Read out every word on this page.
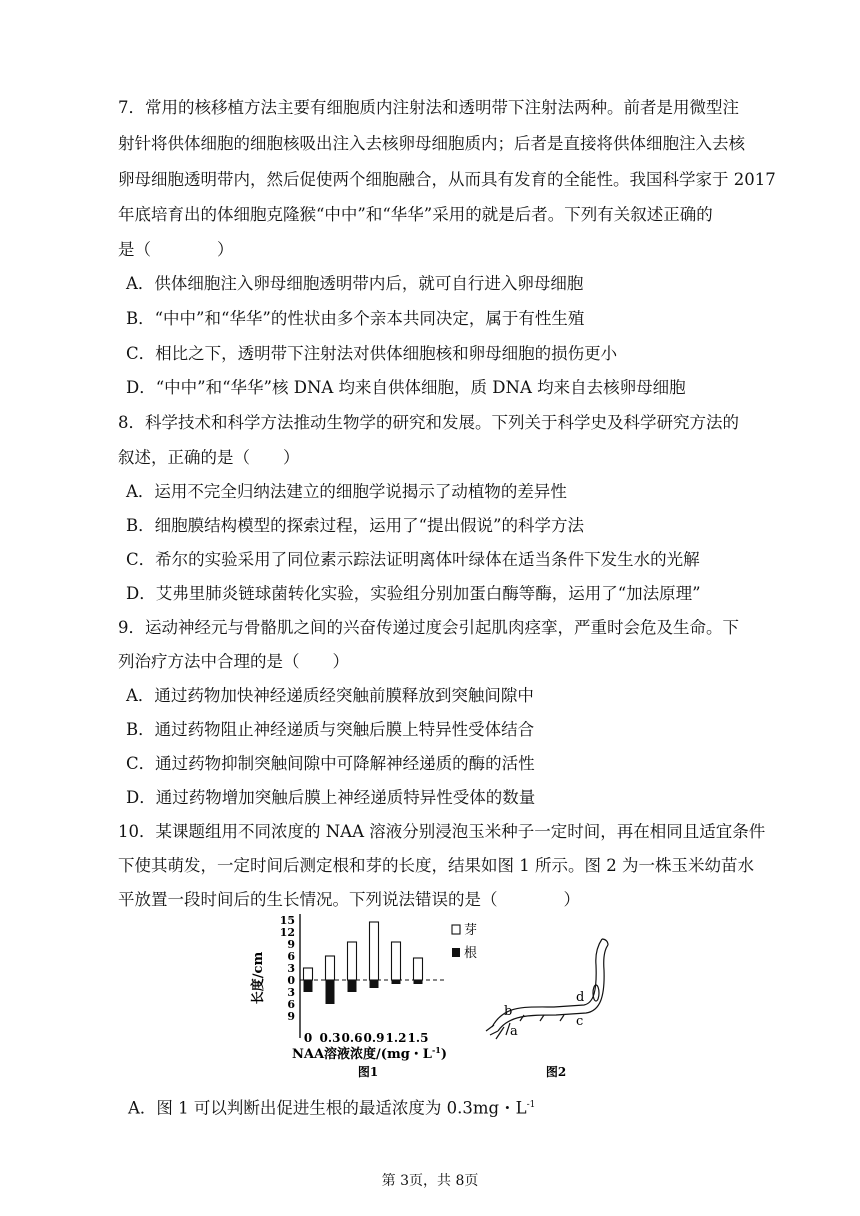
7．常用的核移植方法主要有细胞质内注射法和透明带下注射法两种。前者是用微型注
射针将供体细胞的细胞核吸出注入去核卵母细胞质内；后者是直接将供体细胞注入去核
卵母细胞透明带内，然后促使两个细胞融合，从而具有发育的全能性。我国科学家于 2017
年底培育出的体细胞克隆猴“中中”和“华华”采用的就是后者。下列有关叙述正确的
是（　　　　）
A．供体细胞注入卵母细胞透明带内后，就可自行进入卵母细胞
B．“中中”和“华华”的性状由多个亲本共同决定，属于有性生殖
C．相比之下，透明带下注射法对供体细胞核和卵母细胞的损伤更小
D．“中中”和“华华”核 DNA 均来自供体细胞，质 DNA 均来自去核卵母细胞
8．科学技术和科学方法推动生物学的研究和发展。下列关于科学史及科学研究方法的
叙述，正确的是（　　）
A．运用不完全归纳法建立的细胞学说揭示了动植物的差异性
B．细胞膜结构模型的探索过程，运用了“提出假说”的科学方法
C．希尔的实验采用了同位素示踪法证明离体叶绿体在适当条件下发生水的光解
D．艾弗里肺炎链球菌转化实验，实验组分别加蛋白酶等酶，运用了“加法原理”
9．运动神经元与骨骼肌之间的兴奋传递过度会引起肌肉痉挛，严重时会危及生命。下
列治疗方法中合理的是（　　）
A．通过药物加快神经递质经突触前膜释放到突触间隙中
B．通过药物阻止神经递质与突触后膜上特异性受体结合
C．通过药物抑制突触间隙中可降解神经递质的酶的活性
D．通过药物增加突触后膜上神经递质特异性受体的数量
10．某课题组用不同浓度的 NAA 溶液分别浸泡玉米种子一定时间，再在相同且适宜条件
下使其萌发，一定时间后测定根和芽的长度，结果如图 1 所示。图 2 为一株玉米幼苗水
平放置一段时间后的生长情况。下列说法错误的是（　　　　）
15
12
9
6
3
0
3
6
9
0 0.3 0.6 0.9 1.2 1.5
长度/cm
芽
根
NAA溶液浓度/(mg・$L^{-1}$)
图1
b
a
c
d
图2
A．图 1 可以判断出促进生根的最适浓度为 0.3mg・$L^{-1}$
第 3页，共 8页
